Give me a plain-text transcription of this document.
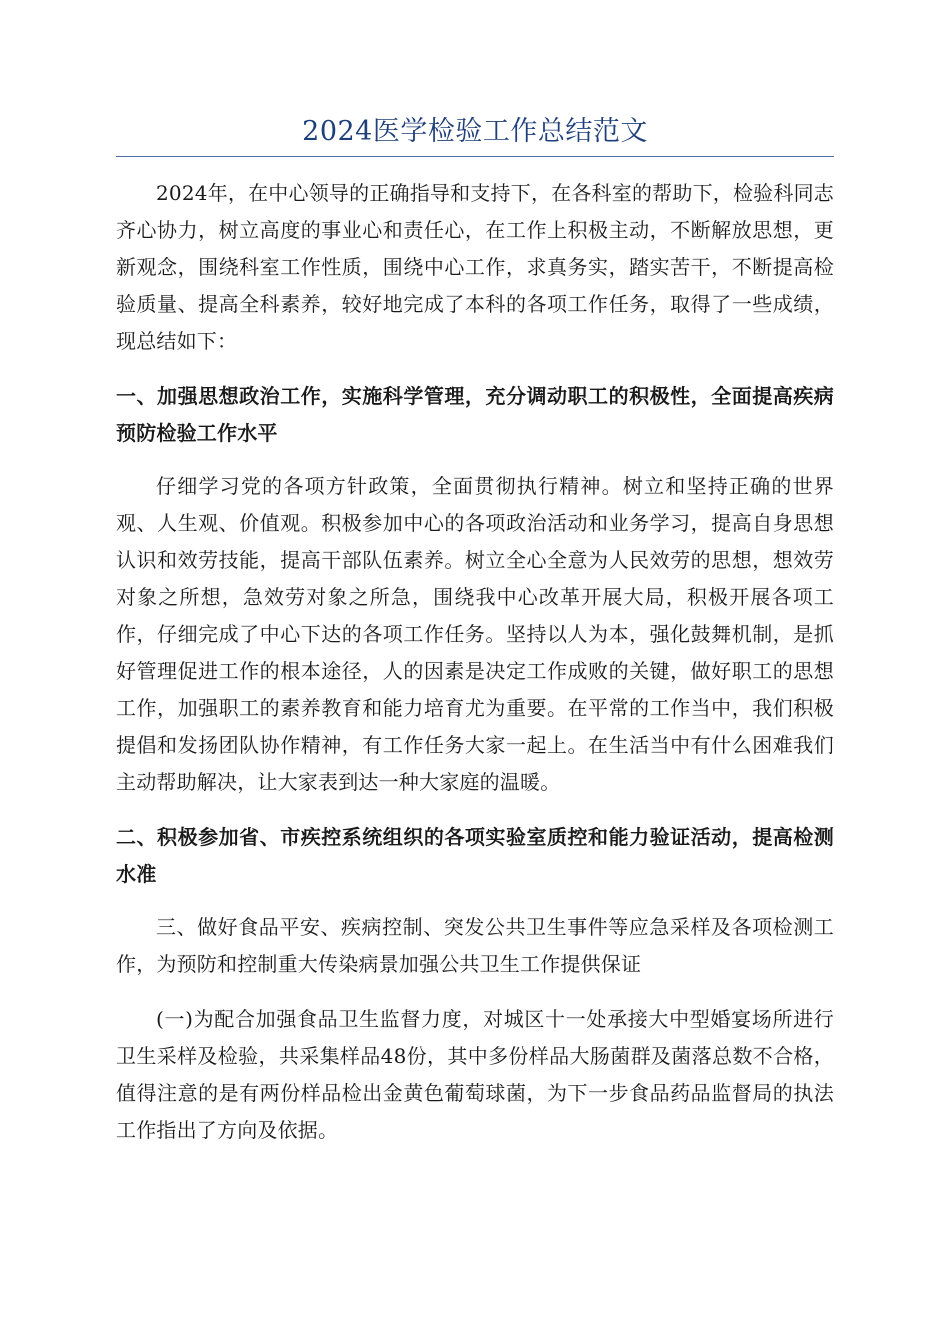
2024医学检验工作总结范文

2024年，在中心领导的正确指导和支持下，在各科室的帮助下，检验科同志齐心协力，树立高度的事业心和责任心，在工作上积极主动，不断解放思想，更新观念，围绕科室工作性质，围绕中心工作，求真务实，踏实苦干，不断提高检验质量、提高全科素养，较好地完成了本科的各项工作任务，取得了一些成绩，现总结如下：

一、加强思想政治工作，实施科学管理，充分调动职工的积极性，全面提高疾病预防检验工作水平

仔细学习党的各项方针政策，全面贯彻执行精神。树立和坚持正确的世界观、人生观、价值观。积极参加中心的各项政治活动和业务学习，提高自身思想认识和效劳技能，提高干部队伍素养。树立全心全意为人民效劳的思想，想效劳对象之所想，急效劳对象之所急，围绕我中心改革开展大局，积极开展各项工作，仔细完成了中心下达的各项工作任务。坚持以人为本，强化鼓舞机制，是抓好管理促进工作的根本途径，人的因素是决定工作成败的关键，做好职工的思想工作，加强职工的素养教育和能力培育尤为重要。在平常的工作当中，我们积极提倡和发扬团队协作精神，有工作任务大家一起上。在生活当中有什么困难我们主动帮助解决，让大家表到达一种大家庭的温暖。

二、积极参加省、市疾控系统组织的各项实验室质控和能力验证活动，提高检测水准

三、做好食品平安、疾病控制、突发公共卫生事件等应急采样及各项检测工作，为预防和控制重大传染病景加强公共卫生工作提供保证

(一)为配合加强食品卫生监督力度，对城区十一处承接大中型婚宴场所进行卫生采样及检验，共采集样品48份，其中多份样品大肠菌群及菌落总数不合格，值得注意的是有两份样品检出金黄色葡萄球菌，为下一步食品药品监督局的执法工作指出了方向及依据。
